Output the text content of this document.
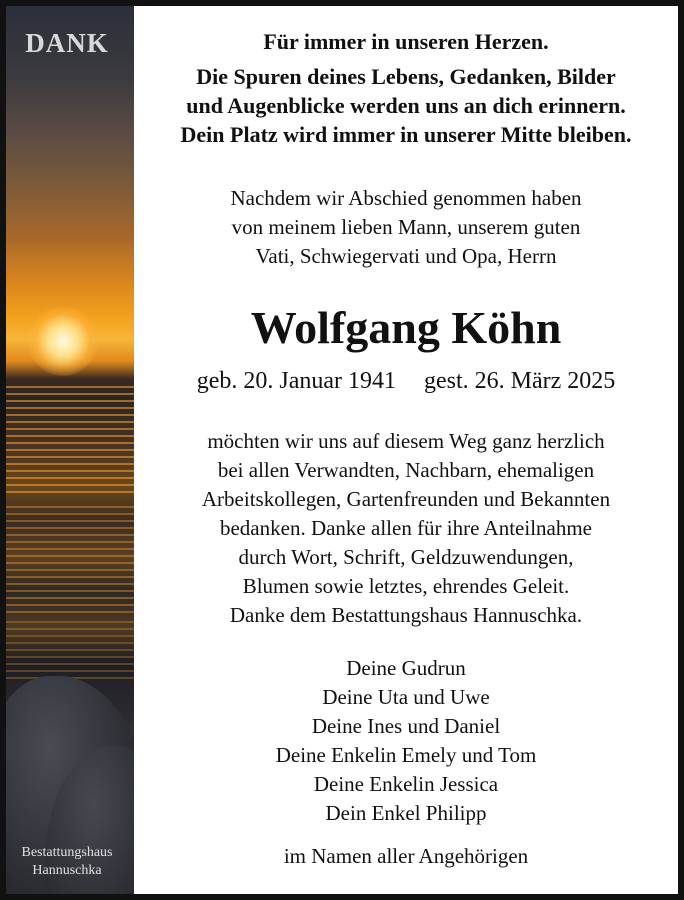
DANK
Bestattungshaus
Hannuschka
Für immer in unseren Herzen.
Die Spuren deines Lebens, Gedanken, Bilder
und Augenblicke werden uns an dich erinnern.
Dein Platz wird immer in unserer Mitte bleiben.
Nachdem wir Abschied genommen haben
von meinem lieben Mann, unserem guten
Vati, Schwiegervati und Opa, Herrn
Wolfgang Köhn
geb. 20. Januar 1941 gest. 26. März 2025
möchten wir uns auf diesem Weg ganz herzlich
bei allen Verwandten, Nachbarn, ehemaligen
Arbeitskollegen, Gartenfreunden und Bekannten
bedanken. Danke allen für ihre Anteilnahme
durch Wort, Schrift, Geldzuwendungen,
Blumen sowie letztes, ehrendes Geleit.
Danke dem Bestattungshaus Hannuschka.
Deine Gudrun
Deine Uta und Uwe
Deine Ines und Daniel
Deine Enkelin Emely und Tom
Deine Enkelin Jessica
Dein Enkel Philipp
im Namen aller Angehörigen
